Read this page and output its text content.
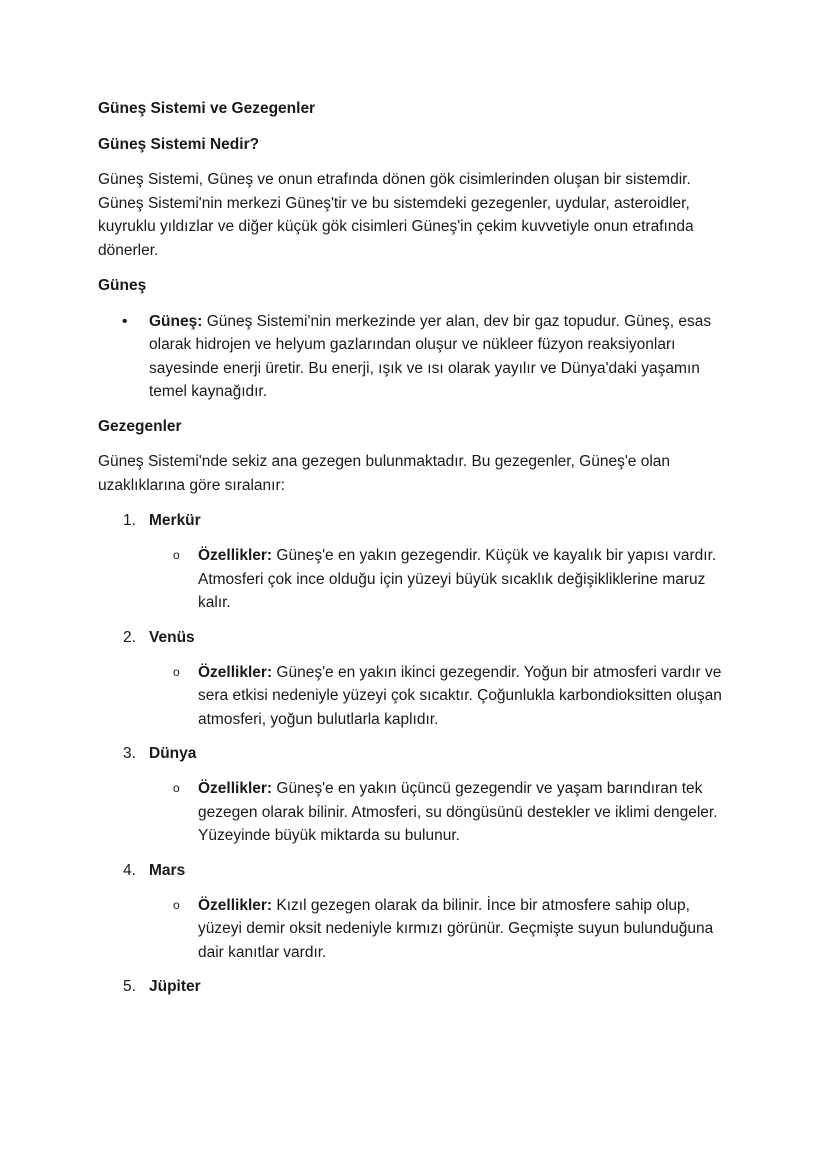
Güneş Sistemi ve Gezegenler
Güneş Sistemi Nedir?

Güneş Sistemi, Güneş ve onun etrafında dönen gök cisimlerinden oluşan bir sistemdir. Güneş Sistemi'nin merkezi Güneş'tir ve bu sistemdeki gezegenler, uydular, asteroidler, kuyruklu yıldızlar ve diğer küçük gök cisimleri Güneş'in çekim kuvvetiyle onun etrafında dönerler.

Güneş
• Güneş: Güneş Sistemi'nin merkezinde yer alan, dev bir gaz topudur. Güneş, esas olarak hidrojen ve helyum gazlarından oluşur ve nükleer füzyon reaksiyonları sayesinde enerji üretir. Bu enerji, ışık ve ısı olarak yayılır ve Dünya'daki yaşamın temel kaynağıdır.
Gezegenler

Güneş Sistemi'nde sekiz ana gezegen bulunmaktadır. Bu gezegenler, Güneş'e olan uzaklıklarına göre sıralanır:

1. Merkür
o Özellikler: Güneş'e en yakın gezegendir. Küçük ve kayalık bir yapısı vardır. Atmosferi çok ince olduğu için yüzeyi büyük sıcaklık değişikliklerine maruz kalır.
2. Venüs
o Özellikler: Güneş'e en yakın ikinci gezegendir. Yoğun bir atmosferi vardır ve sera etkisi nedeniyle yüzeyi çok sıcaktır. Çoğunlukla karbondioksitten oluşan atmosferi, yoğun bulutlarla kaplıdır.
3. Dünya
o Özellikler: Güneş'e en yakın üçüncü gezegendir ve yaşam barındıran tek gezegen olarak bilinir. Atmosferi, su döngüsünü destekler ve iklimi dengeler. Yüzeyinde büyük miktarda su bulunur.
4. Mars
o Özellikler: Kızıl gezegen olarak da bilinir. İnce bir atmosfere sahip olup, yüzeyi demir oksit nedeniyle kırmızı görünür. Geçmişte suyun bulunduğuna dair kanıtlar vardır.
5. Jüpiter
